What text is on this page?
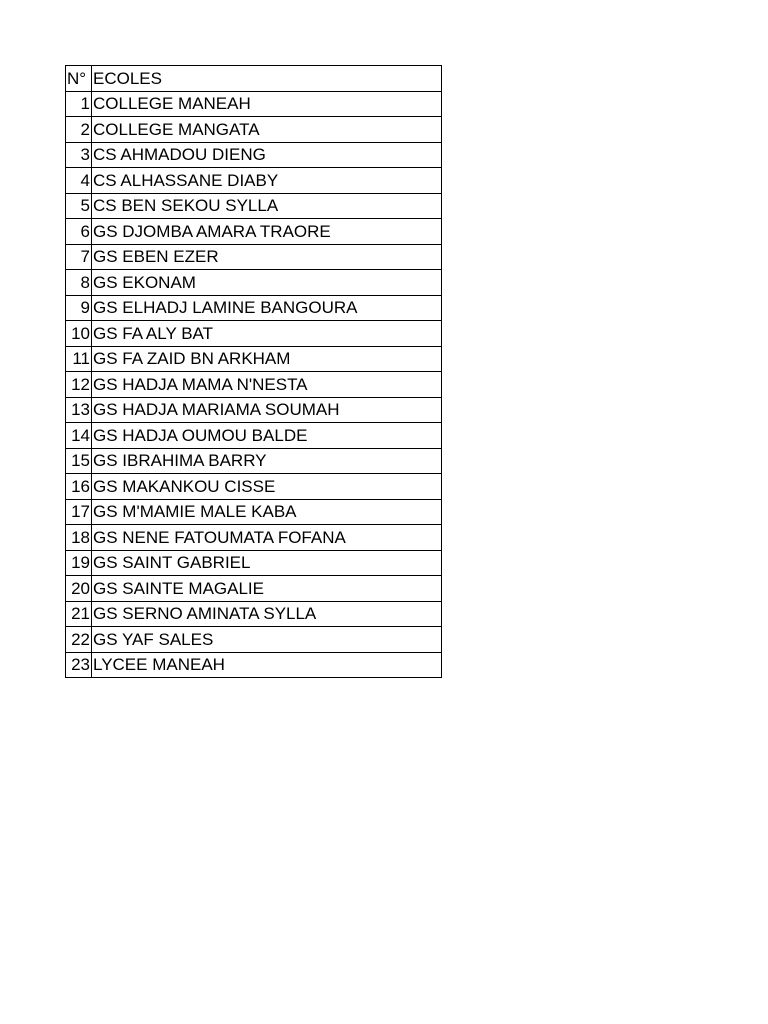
N°	ECOLES
1	COLLEGE MANEAH
2	COLLEGE MANGATA
3	CS AHMADOU DIENG
4	CS ALHASSANE DIABY
5	CS BEN SEKOU SYLLA
6	GS DJOMBA AMARA TRAORE
7	GS EBEN EZER
8	GS EKONAM
9	GS ELHADJ LAMINE BANGOURA
10	GS FA ALY BAT
11	GS FA ZAID BN ARKHAM
12	GS HADJA MAMA N'NESTA
13	GS HADJA MARIAMA SOUMAH
14	GS HADJA OUMOU BALDE
15	GS IBRAHIMA BARRY
16	GS MAKANKOU CISSE
17	GS M'MAMIE MALE KABA
18	GS NENE FATOUMATA FOFANA
19	GS SAINT GABRIEL
20	GS SAINTE MAGALIE
21	GS SERNO AMINATA SYLLA
22	GS YAF SALES
23	LYCEE MANEAH
